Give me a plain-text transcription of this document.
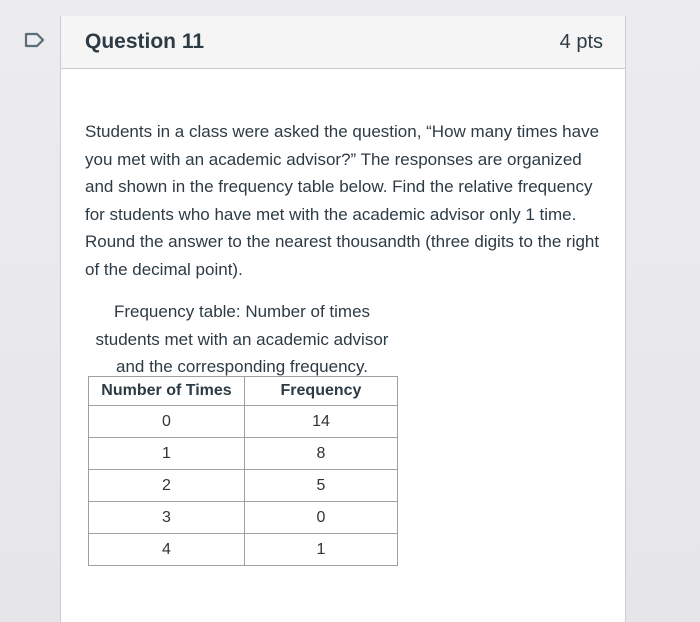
Question 11	4 pts
Students in a class were asked the question, “How many times have you met with an academic advisor?” The responses are organized and shown in the frequency table below. Find the relative frequency for students who have met with the academic advisor only 1 time. Round the answer to the nearest thousandth (three digits to the right of the decimal point).
Frequency table: Number of times students met with an academic advisor and the corresponding frequency.
Number of Times	Frequency
0	14
1	8
2	5
3	0
4	1
